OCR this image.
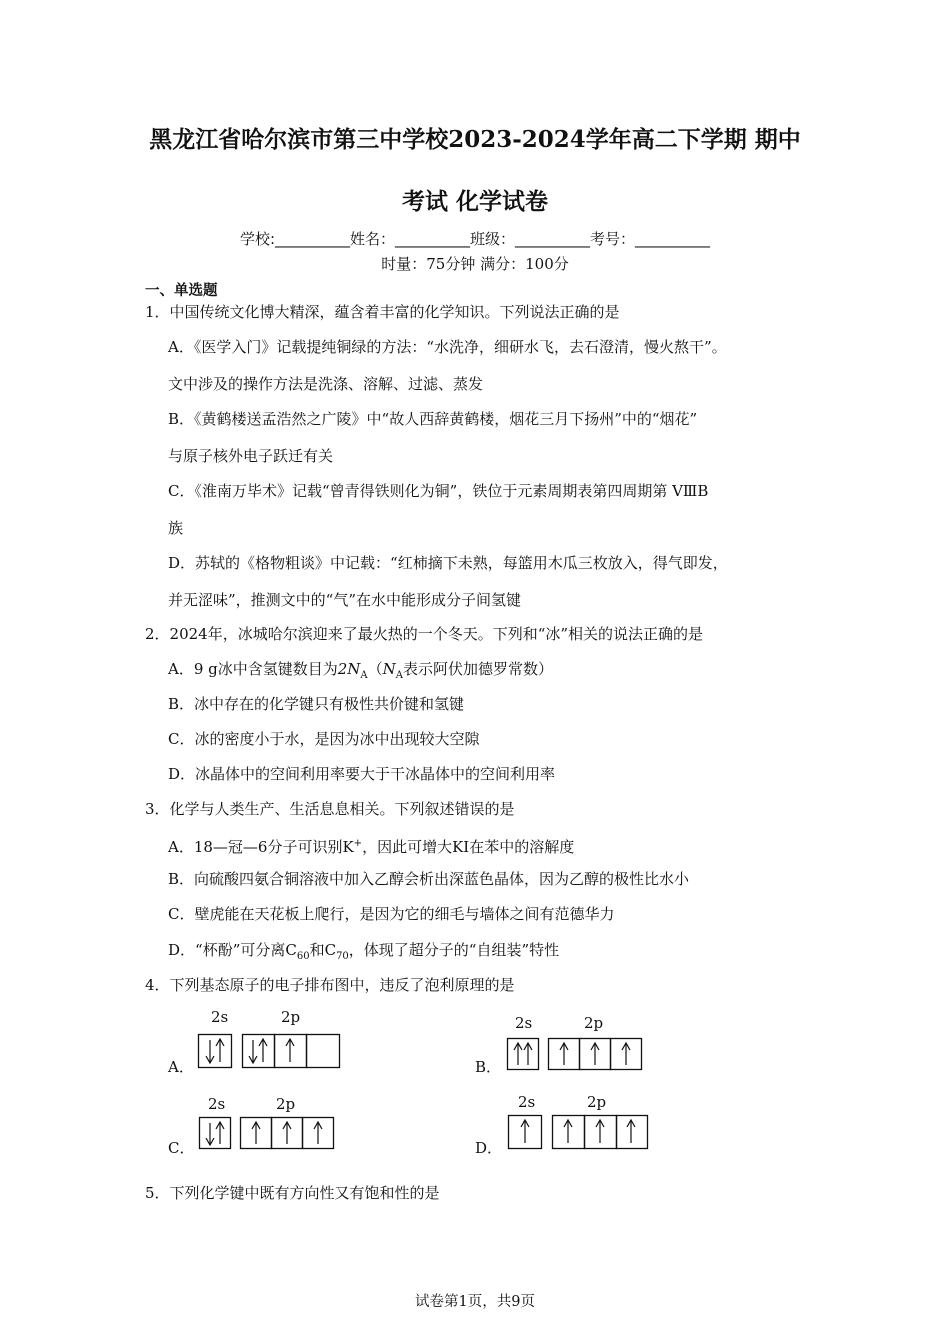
黑龙江省哈尔滨市第三中学校2023-2024学年高二下学期 期中
考试 化学试卷
学校:__________姓名：__________班级：__________考号：__________
时量：75分钟 满分：100分
一、单选题
1．中国传统文化博大精深，蕴含着丰富的化学知识。下列说法正确的是
A．《医学入门》记载提纯铜绿的方法：“水洗净，细研水飞，去石澄清，慢火熬干”。
文中涉及的操作方法是洗涤、溶解、过滤、蒸发
B．《黄鹤楼送孟浩然之广陵》中“故人西辞黄鹤楼，烟花三月下扬州”中的“烟花”
与原子核外电子跃迁有关
C．《淮南万毕术》记载“曾青得铁则化为铜”，铁位于元素周期表第四周期第 VⅢB
族
D．苏轼的《格物粗谈》中记载：“红柿摘下未熟，每篮用木瓜三枚放入，得气即发，
并无涩味”，推测文中的“气”在水中能形成分子间氢键
2．2024年，冰城哈尔滨迎来了最火热的一个冬天。下列和“冰”相关的说法正确的是
A．9 g冰中含氢键数目为$2N_A(N_A$表示阿伏加德罗常数）
B．冰中存在的化学键只有极性共价键和氢键
C．冰的密度小于水，是因为冰中出现较大空隙
D．冰晶体中的空间利用率要大于干冰晶体中的空间利用率
3．化学与人类生产、生活息息相关。下列叙述错误的是
A．18—冠—6分子可识别K+，因此可增大KI在苯中的溶解度
B．向硫酸四氨合铜溶液中加入乙醇会析出深蓝色晶体，因为乙醇的极性比水小
C．壁虎能在天花板上爬行，是因为它的细毛与墙体之间有范德华力
D．“杯酚”可分离$C_{60}$和$C_{70}$，体现了超分子的“自组装”特性
4．下列基态原子的电子排布图中，违反了泡利原理的是
A．
2s	2p
B．
2s	2p
C．
2s	2p
D．
2s	2p
5．下列化学键中既有方向性又有饱和性的是
试卷第1页，共9页
